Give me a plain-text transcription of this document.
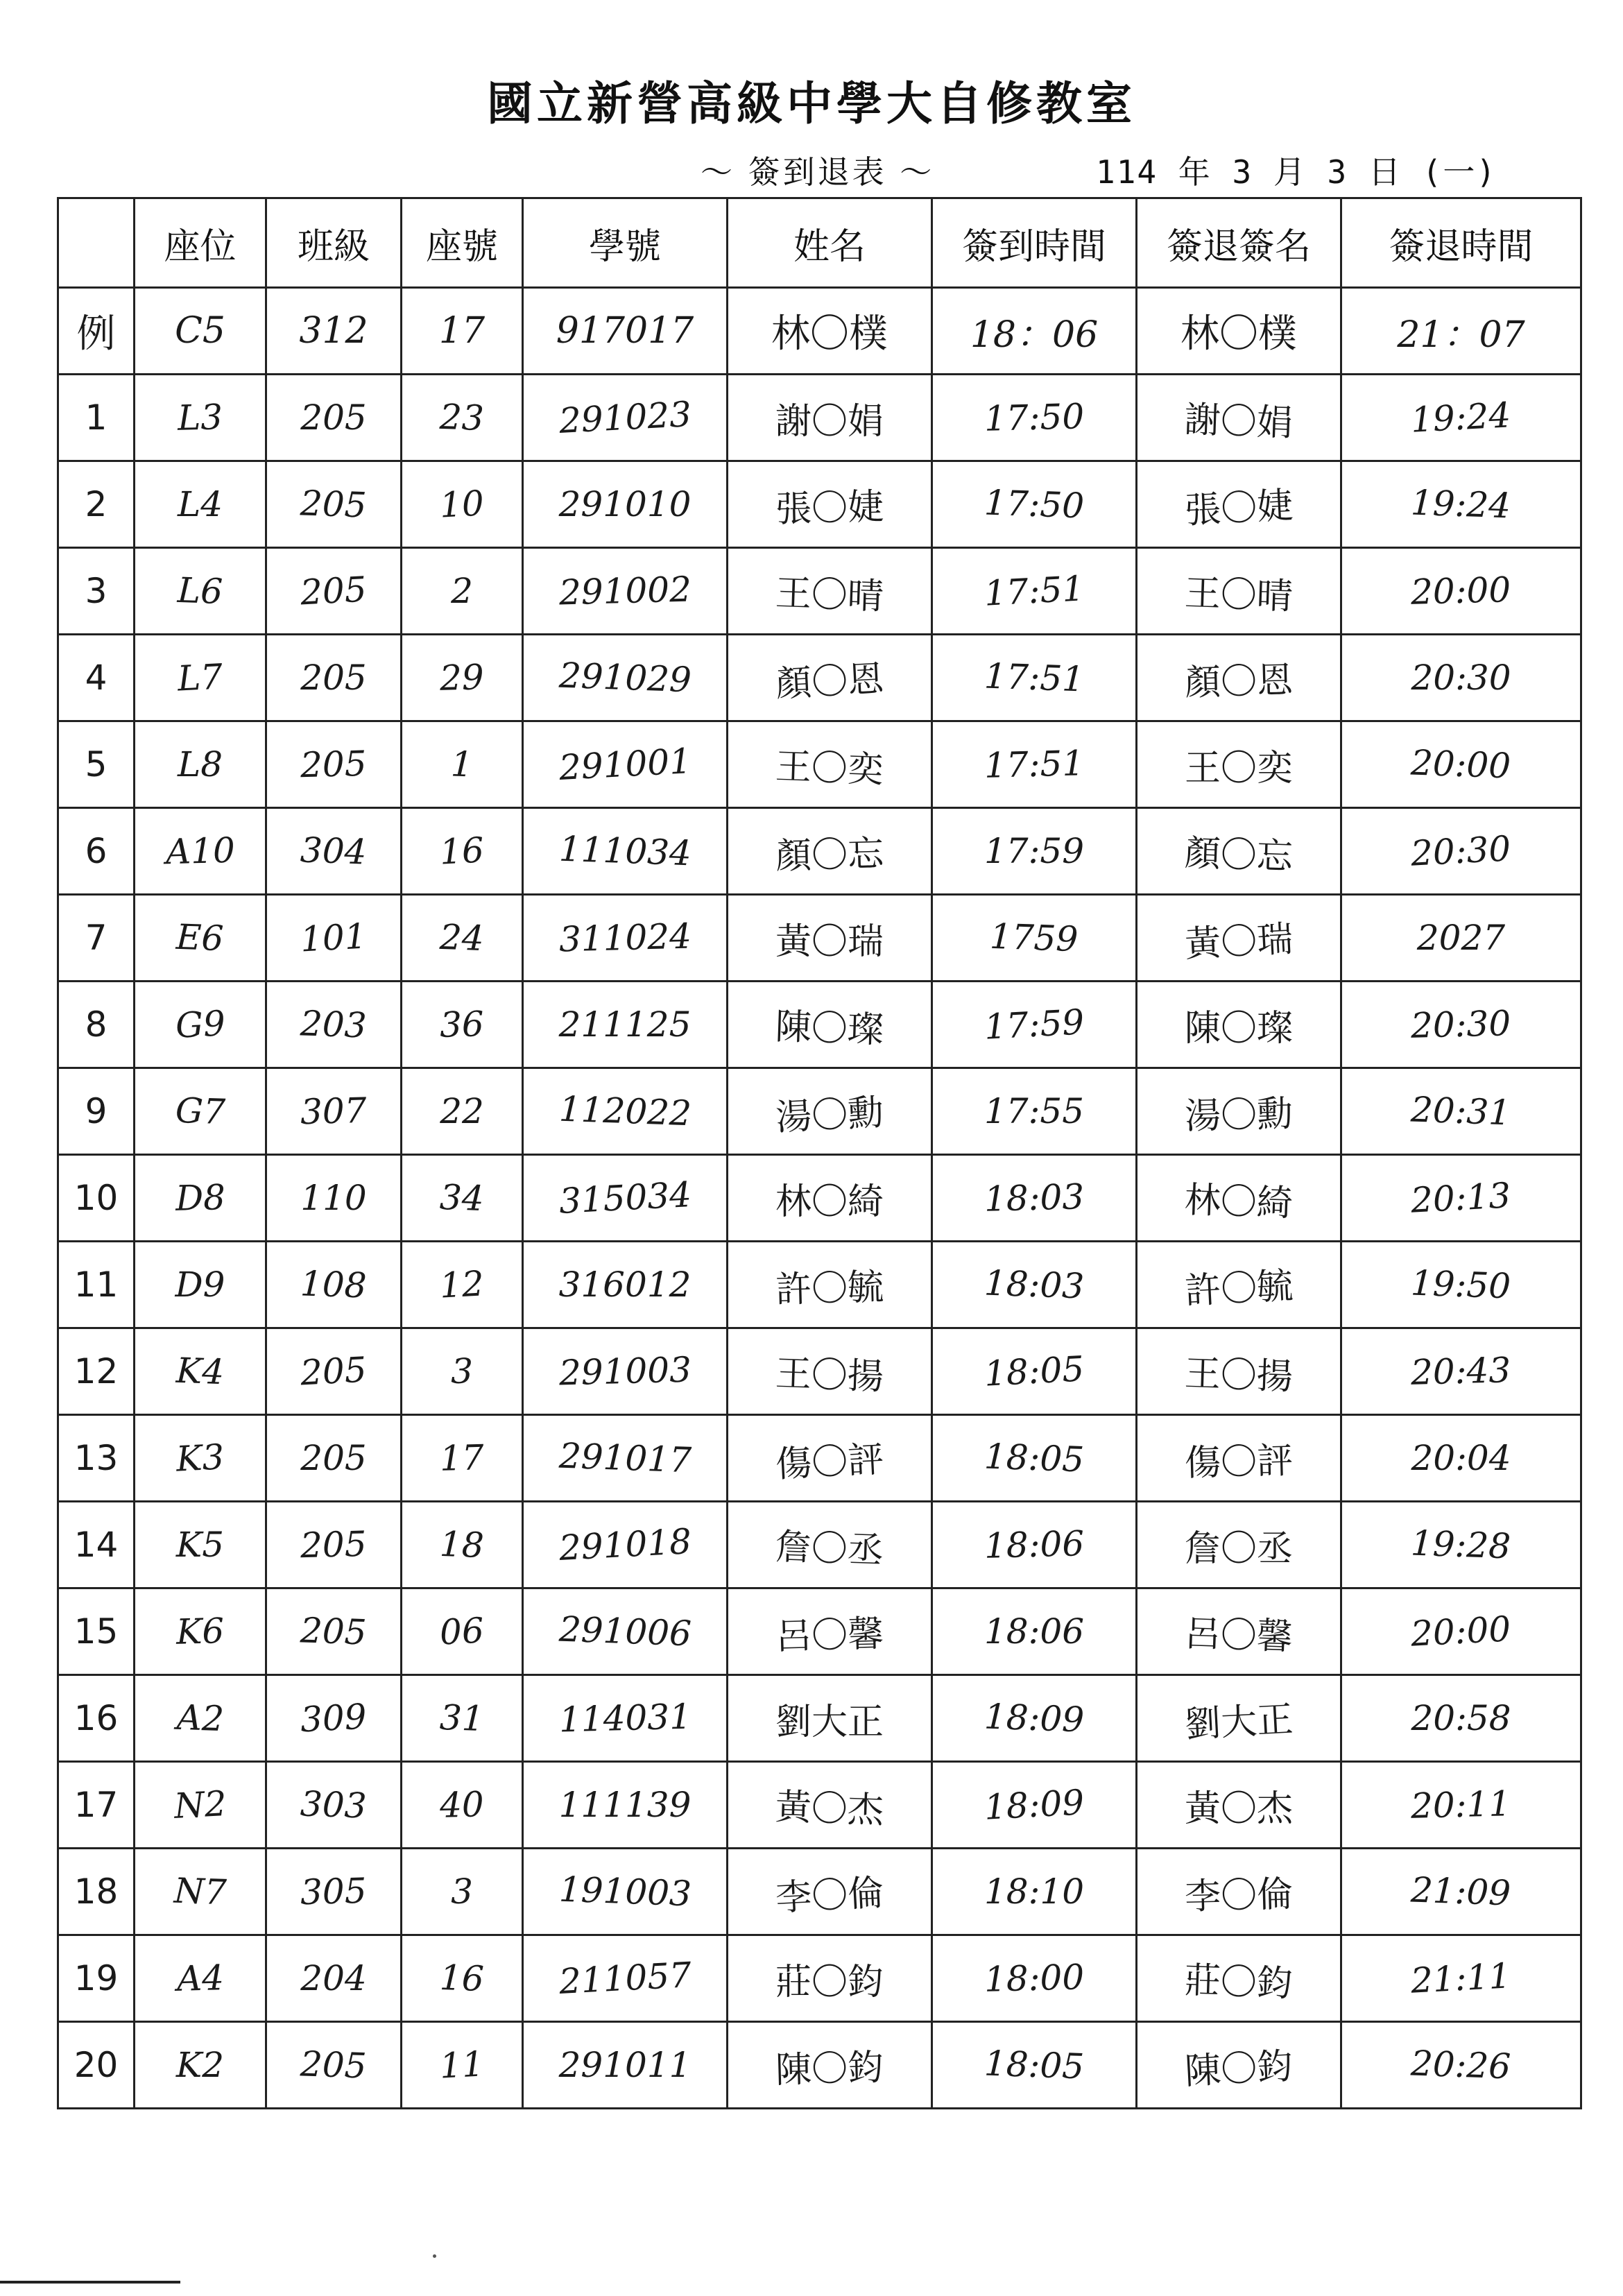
國立新營高級中學大自修教室
～ 簽到退表 ～	114 年 3 月 3 日 (一)
	座位	班級	座號	學號	姓名	簽到時間	簽退簽名	簽退時間
例	C5	312	17	917017	林〇樸	18：06	林〇樸	21：07
1	L3	205	23	291023	謝〇娟	17:50	謝〇娟	19:24
2	L4	205	10	291010	張〇婕	17:50	張〇婕	19:24
3	L6	205	2	291002	王〇晴	17:51	王〇晴	20:00
4	L7	205	29	291029	顏〇恩	17:51	顏〇恩	20:30
5	L8	205	1	291001	王〇奕	17:51	王〇奕	20:00
6	A10	304	16	111034	顏〇忘	17:59	顏〇忘	20:30
7	E6	101	24	311024	黃〇瑞	1759	黃〇瑞	2027
8	G9	203	36	211125	陳〇璨	17:59	陳〇璨	20:30
9	G7	307	22	112022	湯〇勳	17:55	湯〇勳	20:31
10	D8	110	34	315034	林〇綺	18:03	林〇綺	20:13
11	D9	108	12	316012	許〇毓	18:03	許〇毓	19:50
12	K4	205	3	291003	王〇揚	18:05	王〇揚	20:43
13	K3	205	17	291017	傷〇評	18:05	傷〇評	20:04
14	K5	205	18	291018	詹〇丞	18:06	詹〇丞	19:28
15	K6	205	06	291006	呂〇馨	18:06	呂〇馨	20:00
16	A2	309	31	114031	劉大正	18:09	劉大正	20:58
17	N2	303	40	111139	黃〇杰	18:09	黃〇杰	20:11
18	N7	305	3	191003	李〇倫	18:10	李〇倫	21:09
19	A4	204	16	211057	莊〇鈞	18:00	莊〇鈞	21:11
20	K2	205	11	291011	陳〇鈞	18:05	陳〇鈞	20:26
